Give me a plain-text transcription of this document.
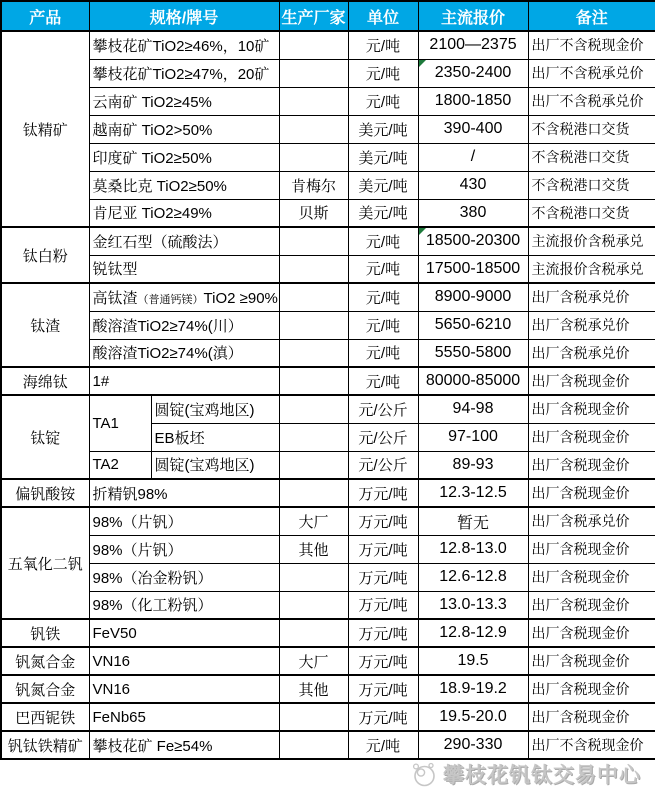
产品	规格/牌号		生产厂家	单位	主流报价	备注
钛精矿	攀枝花矿TiO2≥46%，10矿			元/吨	2100—2375	出厂不含税现金价
	攀枝花矿TiO2≥47%，20矿			元/吨	2350-2400	出厂不含税承兑价
	云南矿 TiO2≥45%			元/吨	1800-1850	出厂不含税承兑价
	越南矿 TiO2>50%			美元/吨	390-400	不含税港口交货
	印度矿 TiO2≥50%			美元/吨	/	不含税港口交货
	莫桑比克 TiO2≥50%		肯梅尔	美元/吨	430	不含税港口交货
	肯尼亚 TiO2≥49%		贝斯	美元/吨	380	不含税港口交货
钛白粉	金红石型（硫酸法）			元/吨	18500-20300	主流报价含税承兑
	锐钛型			元/吨	17500-18500	主流报价含税承兑
钛渣	高钛渣（普通钙镁）TiO2 ≥90%			元/吨	8900-9000	出厂含税承兑价
	酸溶渣TiO2≥74%(川）			元/吨	5650-6210	出厂含税承兑价
	酸溶渣TiO2≥74%(滇）			元/吨	5550-5800	出厂含税承兑价
海绵钛	1#			元/吨	80000-85000	出厂含税现金价
钛锭	TA1	圆锭(宝鸡地区)		元/公斤	94-98	出厂含税现金价
		EB板坯		元/公斤	97-100	出厂含税现金价
	TA2	圆锭(宝鸡地区)		元/公斤	89-93	出厂含税现金价
偏钒酸铵	折精钒98%			万元/吨	12.3-12.5	出厂含税现金价
五氧化二钒	98%（片钒）		大厂	万元/吨	暂无	出厂含税承兑价
	98%（片钒）		其他	万元/吨	12.8-13.0	出厂含税现金价
	98%（冶金粉钒）			万元/吨	12.6-12.8	出厂含税现金价
	98%（化工粉钒）			万元/吨	13.0-13.3	出厂含税现金价
钒铁	FeV50			万元/吨	12.8-12.9	出厂含税现金价
钒氮合金	VN16		大厂	万元/吨	19.5	出厂含税现金价
钒氮合金	VN16		其他	万元/吨	18.9-19.2	出厂含税现金价
巴西铌铁	FeNb65			万元/吨	19.5-20.0	出厂含税现金价
钒钛铁精矿	攀枝花矿 Fe≥54%			元/吨	290-330	出厂不含税现金价
攀枝花钒钛交易中心
